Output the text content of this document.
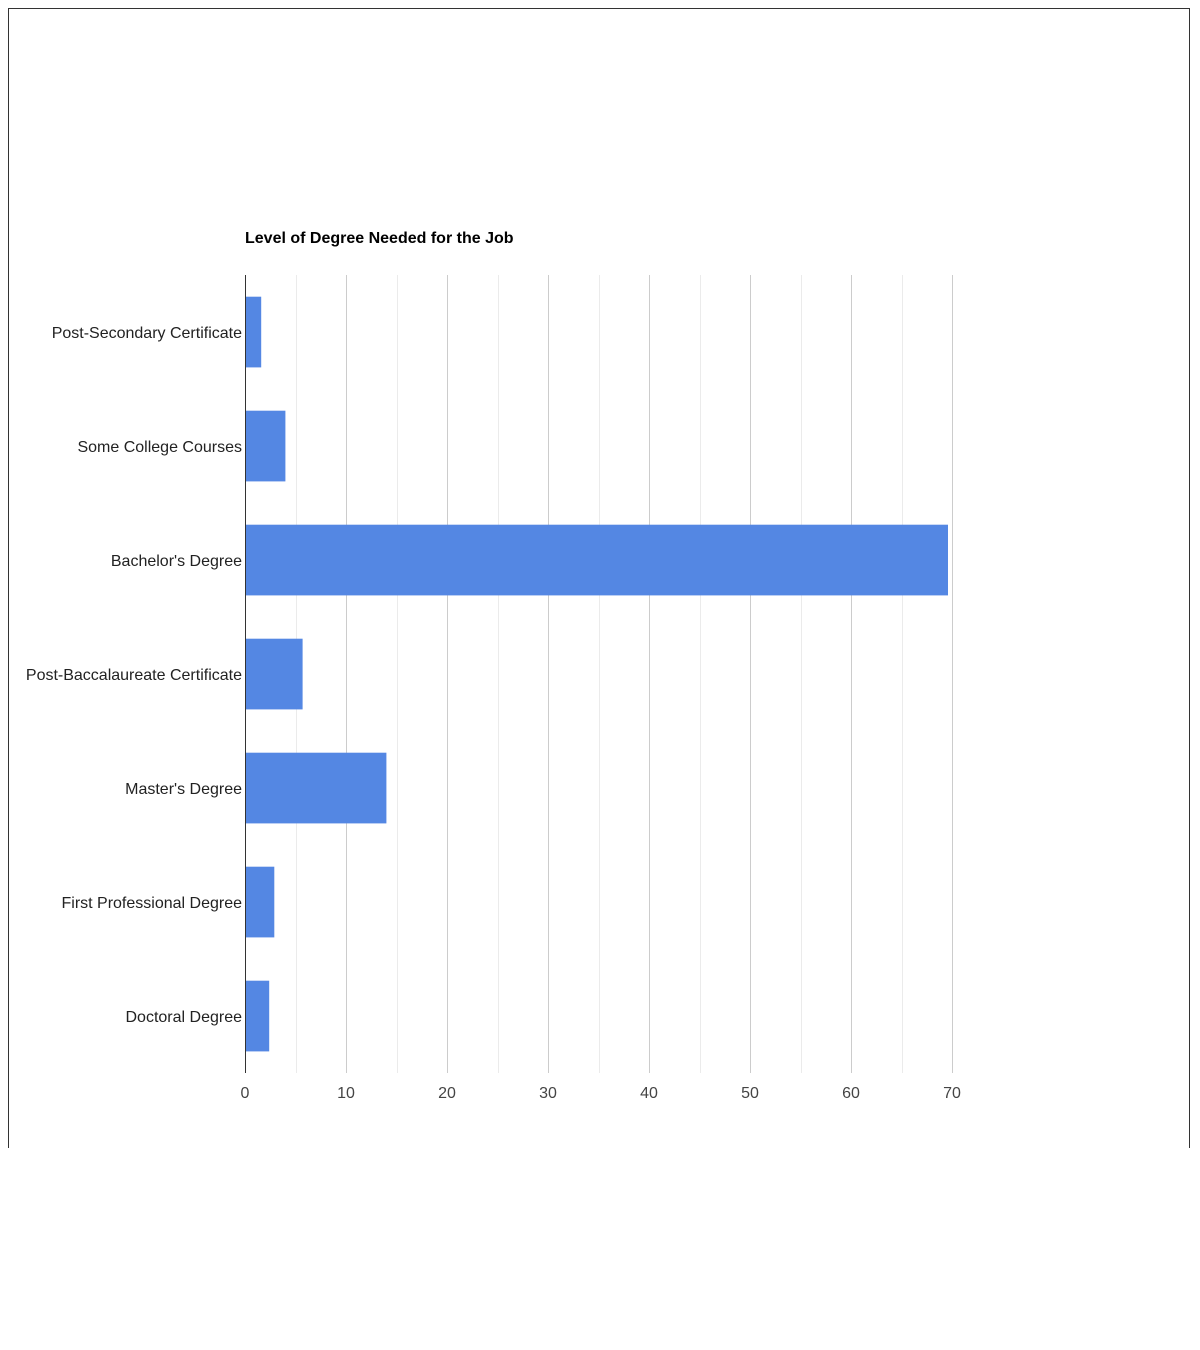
Level of Degree Needed for the Job
Post-Secondary Certificate
Some College Courses
Bachelor's Degree
Post-Baccalaureate Certificate
Master's Degree
First Professional Degree
Doctoral Degree
0	10	20	30	40	50	60	70
